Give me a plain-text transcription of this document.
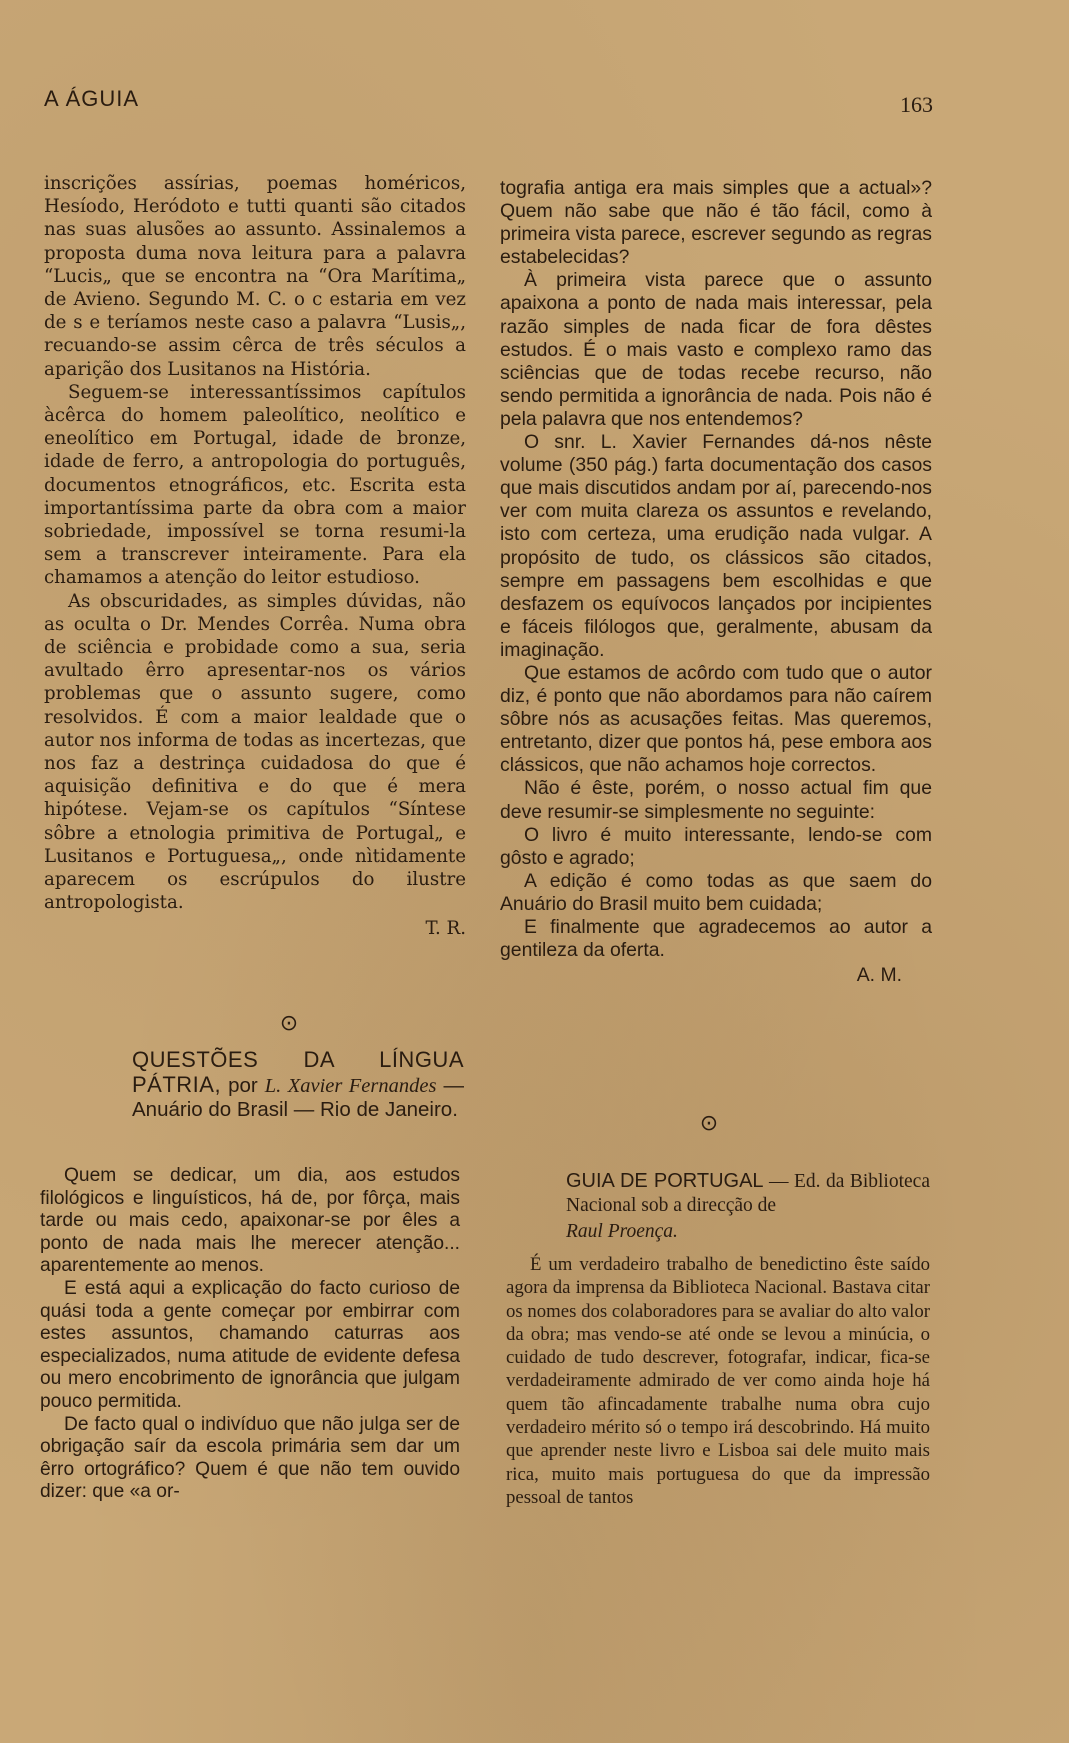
A ÁGUIA	163

inscrições assírias, poemas homéricos, Hesíodo, Heródoto e tutti quanti são citados nas suas alusões ao assunto. Assinalemos a proposta duma nova leitura para a palavra “Lucis„ que se encontra na “Ora Marítima„ de Avieno. Segundo M. C. o c estaria em vez de s e teríamos neste caso a palavra “Lusis„, recuando-se assim cêrca de três séculos a aparição dos Lusitanos na História.

Seguem-se interessantíssimos capítulos àcêrca do homem paleolítico, neolítico e eneolítico em Portugal, idade de bronze, idade de ferro, a antropologia do português, documentos etnográficos, etc. Escrita esta importantíssima parte da obra com a maior sobriedade, impossível se torna resumi-la sem a transcrever inteiramente. Para ela chamamos a atenção do leitor estudioso.

As obscuridades, as simples dúvidas, não as oculta o Dr. Mendes Corrêa. Numa obra de sciência e probidade como a sua, seria avultado êrro apresentar-nos os vários problemas que o assunto sugere, como resolvidos. É com a maior lealdade que o autor nos informa de todas as incertezas, que nos faz a destrinça cuidadosa do que é aquisição definitiva e do que é mera hipótese. Vejam-se os capítulos “Síntese sôbre a etnologia primitiva de Portugal„ e Lusitanos e Portuguesa„, onde nìtidamente aparecem os escrúpulos do ilustre antropologista.

T. R.

⊙
QUESTÕES DA LÍNGUA PÁTRIA, por L. Xavier Fernandes — Anuário do Brasil — Rio de Janeiro.

Quem se dedicar, um dia, aos estudos filológicos e linguísticos, há de, por fôrça, mais tarde ou mais cedo, apaixonar-se por êles a ponto de nada mais lhe merecer atenção... aparentemente ao menos.

E está aqui a explicação do facto curioso de quási toda a gente começar por embirrar com estes assuntos, chamando caturras aos especializados, numa atitude de evidente defesa ou mero encobrimento de ignorância que julgam pouco permitida.

De facto qual o indivíduo que não julga ser de obrigação saír da escola primária sem dar um êrro ortográfico? Quem é que não tem ouvido dizer: que «a or-

tografia antiga era mais simples que a actual»? Quem não sabe que não é tão fácil, como à primeira vista parece, escrever segundo as regras estabelecidas?

À primeira vista parece que o assunto apaixona a ponto de nada mais interessar, pela razão simples de nada ficar de fora dêstes estudos. É o mais vasto e complexo ramo das sciências que de todas recebe recurso, não sendo permitida a ignorância de nada. Pois não é pela palavra que nos entendemos?

O snr. L. Xavier Fernandes dá-nos nêste volume (350 pág.) farta documentação dos casos que mais discutidos andam por aí, parecendo-nos ver com muita clareza os assuntos e revelando, isto com certeza, uma erudição nada vulgar. A propósito de tudo, os clássicos são citados, sempre em passagens bem escolhidas e que desfazem os equívocos lançados por incipientes e fáceis filólogos que, geralmente, abusam da imaginação.

Que estamos de acôrdo com tudo que o autor diz, é ponto que não abordamos para não caírem sôbre nós as acusações feitas. Mas queremos, entretanto, dizer que pontos há, pese embora aos clássicos, que não achamos hoje correctos.

Não é êste, porém, o nosso actual fim que deve resumir-se simplesmente no seguinte:

O livro é muito interessante, lendo-se com gôsto e agrado;

A edição é como todas as que saem do Anuário do Brasil muito bem cuidada;

E finalmente que agradecemos ao autor a gentileza da oferta.

A. M.

⊙
GUIA DE PORTUGAL — Ed. da Biblioteca Nacional sob a direcção de
Raul Proença.

É um verdadeiro trabalho de benedictino êste saído agora da imprensa da Biblioteca Nacional. Bastava citar os nomes dos colaboradores para se avaliar do alto valor da obra; mas vendo-se até onde se levou a minúcia, o cuidado de tudo descrever, fotografar, indicar, fica-se verdadeiramente admirado de ver como ainda hoje há quem tão afincadamente trabalhe numa obra cujo verdadeiro mérito só o tempo irá descobrindo. Há muito que aprender neste livro e Lisboa sai dele muito mais rica, muito mais portuguesa do que da impressão pessoal de tantos
